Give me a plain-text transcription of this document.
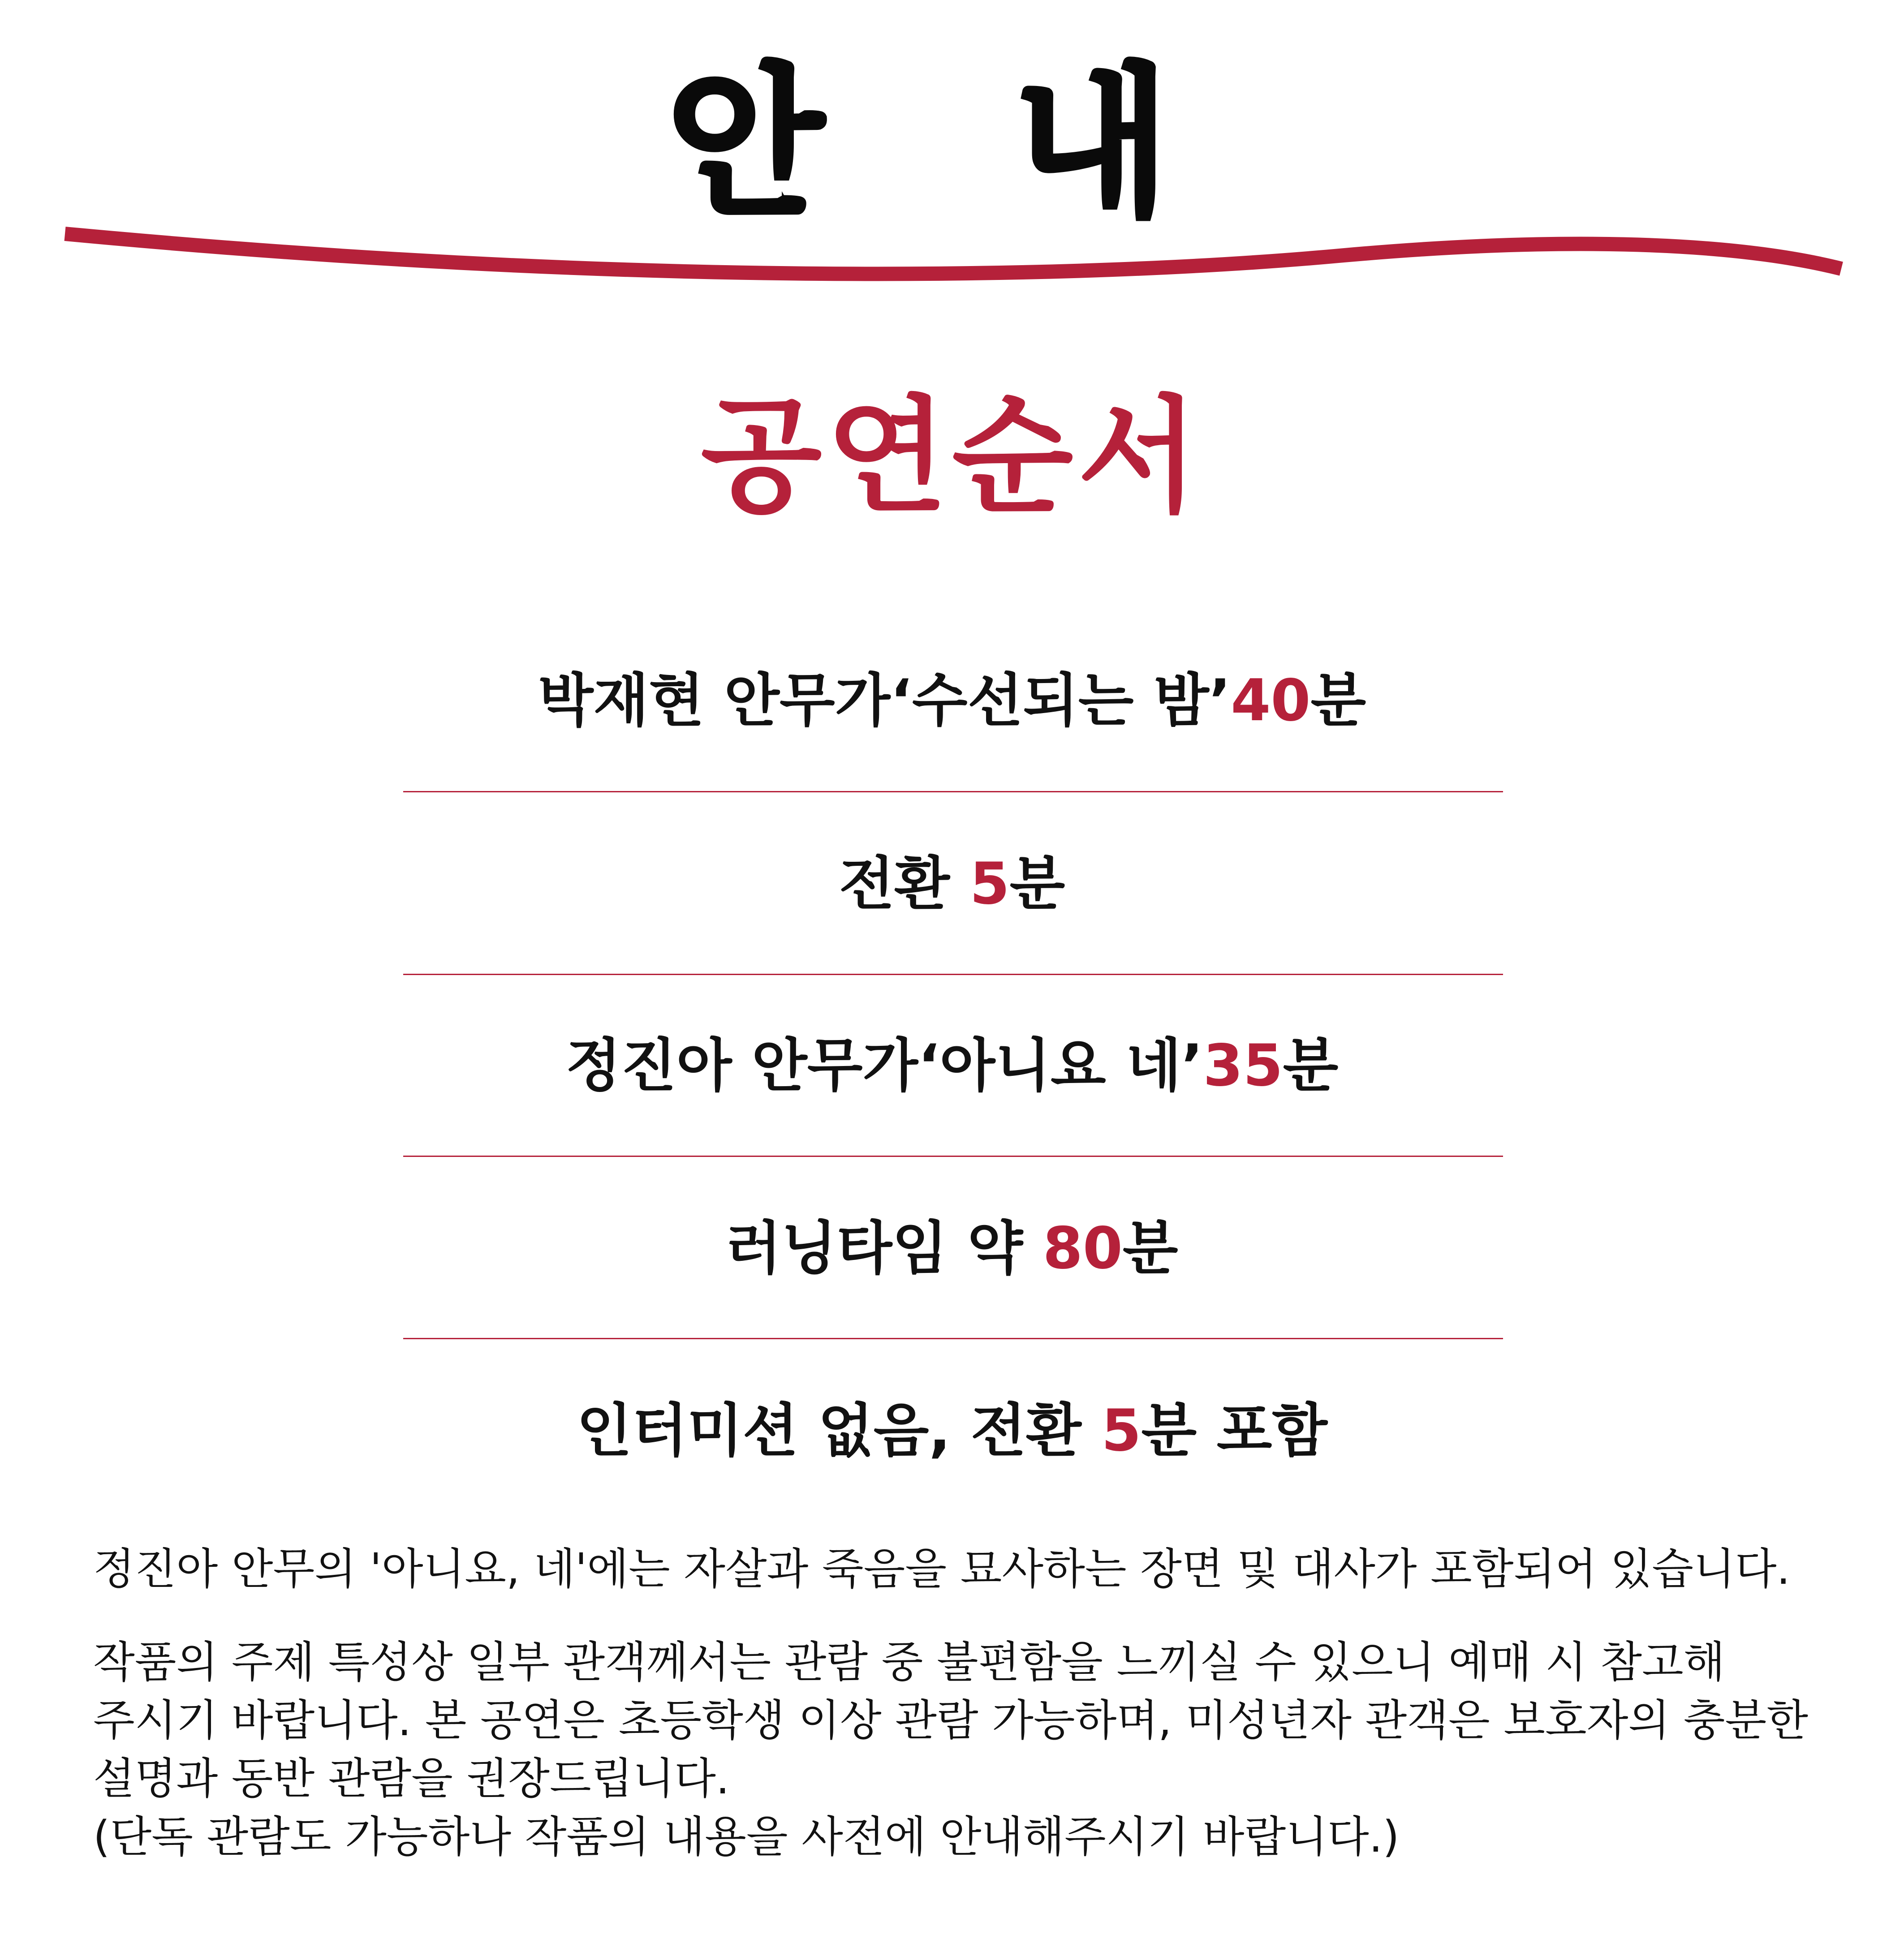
안 내
공연순서
박재현 안무가‘수선되는 밤’40분
전환 5분
정진아 안무가‘아니요 네’35분
러닝타임 약 80분
인터미션 없음, 전환 5분 포함
정진아 안무의 '아니요, 네'에는 자살과 죽음을 묘사하는 장면 및 대사가 포함되어 있습니다.
작품의 주제 특성상 일부 관객께서는 관람 중 불편함을 느끼실 수 있으니 예매 시 참고해
주시기 바랍니다. 본 공연은 초등학생 이상 관람 가능하며, 미성년자 관객은 보호자의 충분한
설명과 동반 관람을 권장드립니다.
(단독 관람도 가능하나 작품의 내용을 사전에 안내해주시기 바랍니다.)
